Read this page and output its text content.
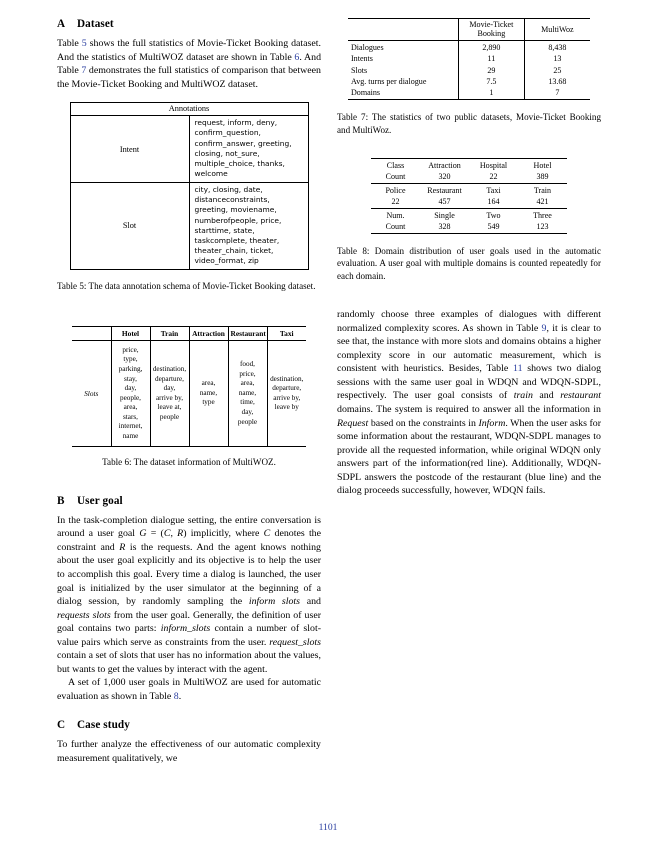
A Dataset

Table 5 shows the full statistics of Movie-Ticket Booking dataset. And the statistics of MultiWOZ dataset are shown in Table 6. And Table 7 demonstrates the full statistics of comparison that between the Movie-Ticket Booking and MultiWOZ dataset.

Annotations	
Intent	request, inform, deny, confirm_question, confirm_answer, greeting, closing, not_sure, multiple_choice, thanks, welcome
Slot	city, closing, date, distanceconstraints, greeting, moviename, numberofpeople, price, starttime, state, taskcomplete, theater, theater_chain, ticket, video_format, zip

Table 5: The data annotation schema of Movie-Ticket Booking dataset.

	Hotel	Train	Attraction	Restaurant	Taxi
Slots	price,
type,
parking,
stay,
day,
people,
area,
stars,
internet,
name	destination,
departure,
day,
arrive by,
leave at,
people	area,
name,
type	food,
price,
area,
name,
time,
day,
people	destination,
departure,
arrive by,
leave by

Table 6: The dataset information of MultiWOZ.

B User goal

In the task-completion dialogue setting, the entire conversation is around a user goal G = (C, R) implicitly, where C denotes the constraint and R is the requests. And the agent knows nothing about the user goal explicitly and its objective is to help the user to accomplish this goal. Every time a dialog is launched, the user goal is initialized by the user simulator at the beginning of a dialog session, by randomly sampling the inform slots and requests slots from the user goal. Generally, the definition of user goal contains two parts: inform_slots contain a number of slot-value pairs which serve as constraints from the user. request_slots contain a set of slots that user has no information about the values, but wants to get the values by interact with the agent.

A set of 1,000 user goals in MultiWOZ are used for automatic evaluation as shown in Table 8.

C Case study

To further analyze the effectiveness of our automatic complexity measurement qualitatively, we

	Movie-Ticket Booking	MultiWoz
Dialogues	2,890	8,438
Intents	11	13
Slots	29	25
Avg. turns per dialogue	7.5	13.68
Domains	1	7

Table 7: The statistics of two public datasets, Movie-Ticket Booking and MultiWoz.

Class	Attraction	Hospital	Hotel
Count	320	22	389
Police	Restaurant	Taxi	Train
22	457	164	421
Num.	Single	Two	Three
Count	328	549	123

Table 8: Domain distribution of user goals used in the automatic evaluation. A user goal with multiple domains is counted repeatedly for each domain.

randomly choose three examples of dialogues with different normalized complexity scores. As shown in Table 9, it is clear to see that, the instance with more slots and domains obtains a higher complexity score in our automatic measurement, which is consistent with heuristics. Besides, Table 11 shows two dialog sessions with the same user goal in WDQN and WDQN-SDPL, respectively. The user goal consists of train and restaurant domains. The system is required to answer all the information in Request based on the constraints in Inform. When the user asks for some information about the restaurant, WDQN-SDPL manages to provide all the requested information, while original WDQN only answers part of the information(red line). Additionally, WDQN-SDPL answers the postcode of the restaurant (blue line) and the dialog proceeds successfully, however, WDQN fails.

1101
